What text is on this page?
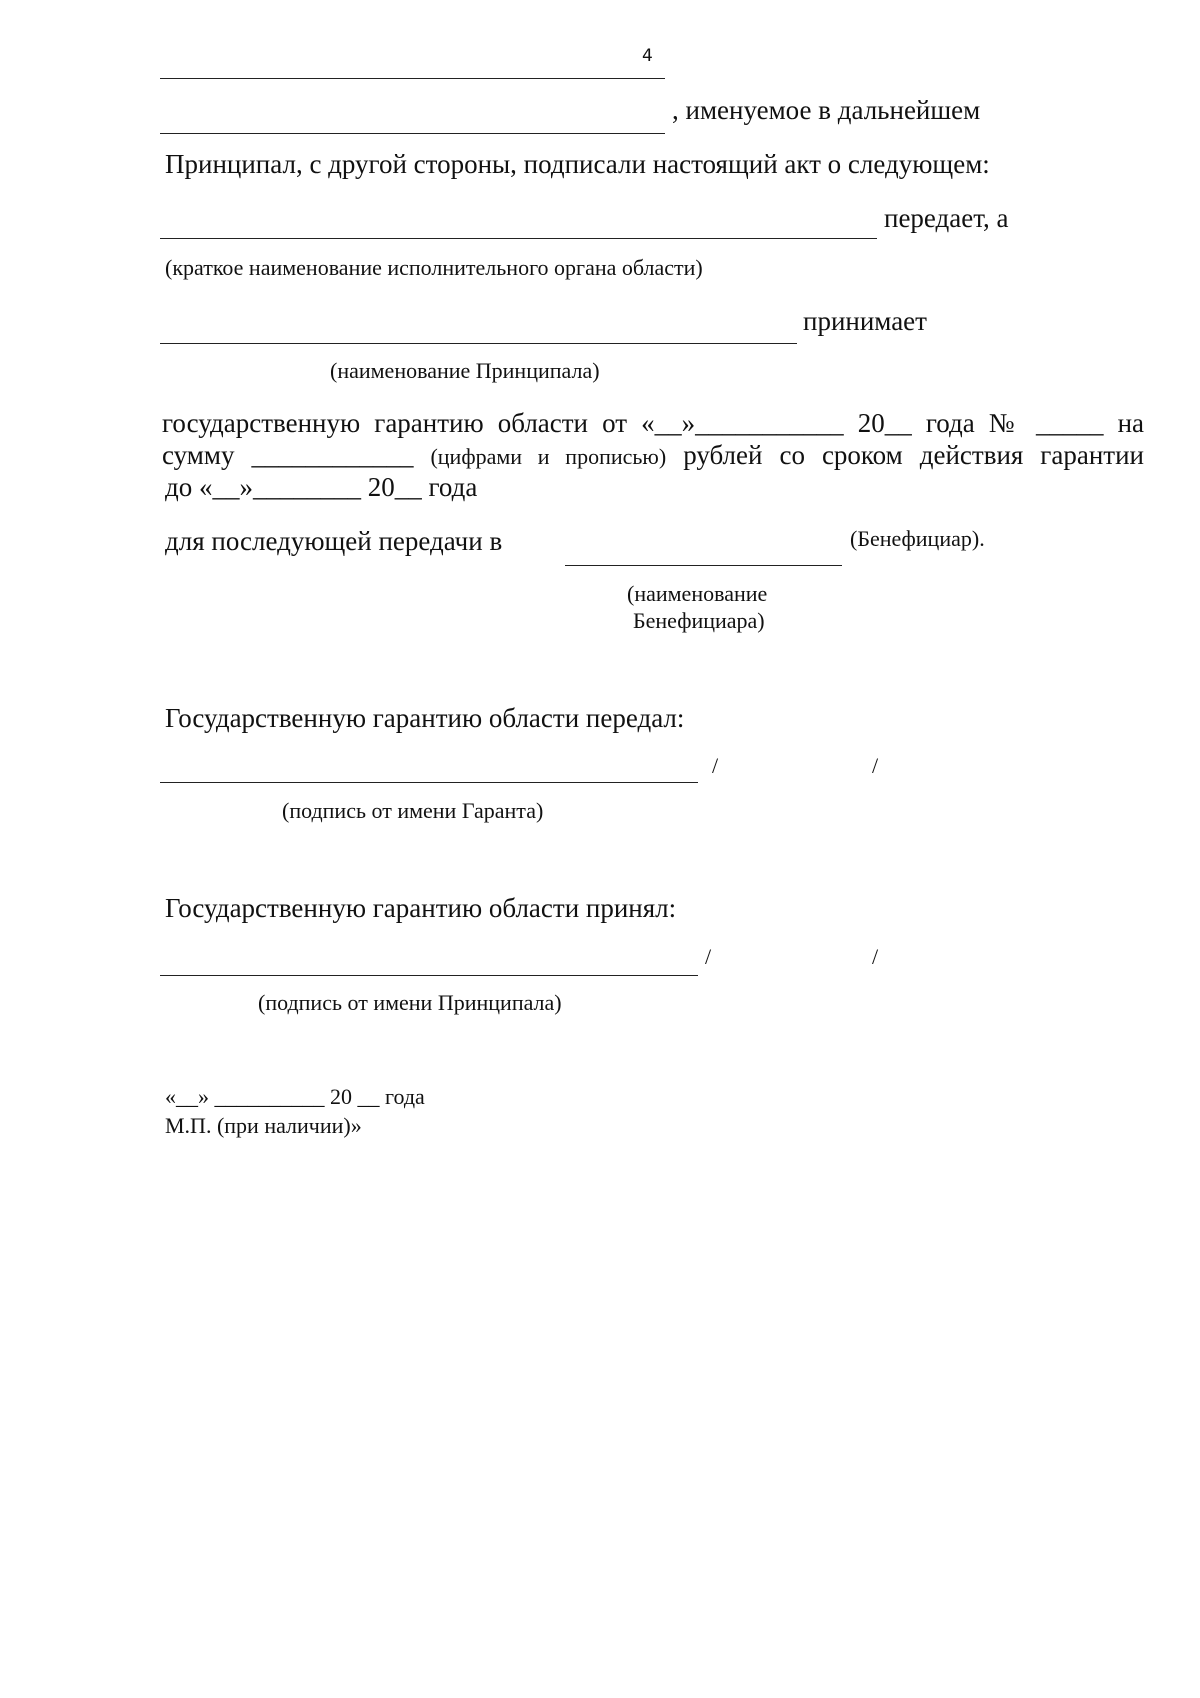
4
, именуемое в дальнейшем
Принципал, с другой стороны, подписали настоящий акт о следующем:
передает, а
(краткое наименование исполнительного органа области)
принимает
(наименование Принципала)
государственную гарантию области от «__»___________ 20__ года № _____ на
сумму ____________ (цифрами и прописью) рублей со сроком действия гарантии
до «__»________ 20__ года
для последующей передачи в	(Бенефициар).
(наименование
Бенефициара)
Государственную гарантию области передал:
/	/
(подпись от имени Гаранта)
Государственную гарантию области принял:
/	/
(подпись от имени Принципала)
«__» __________ 20 __ года
М.П. (при наличии)»
